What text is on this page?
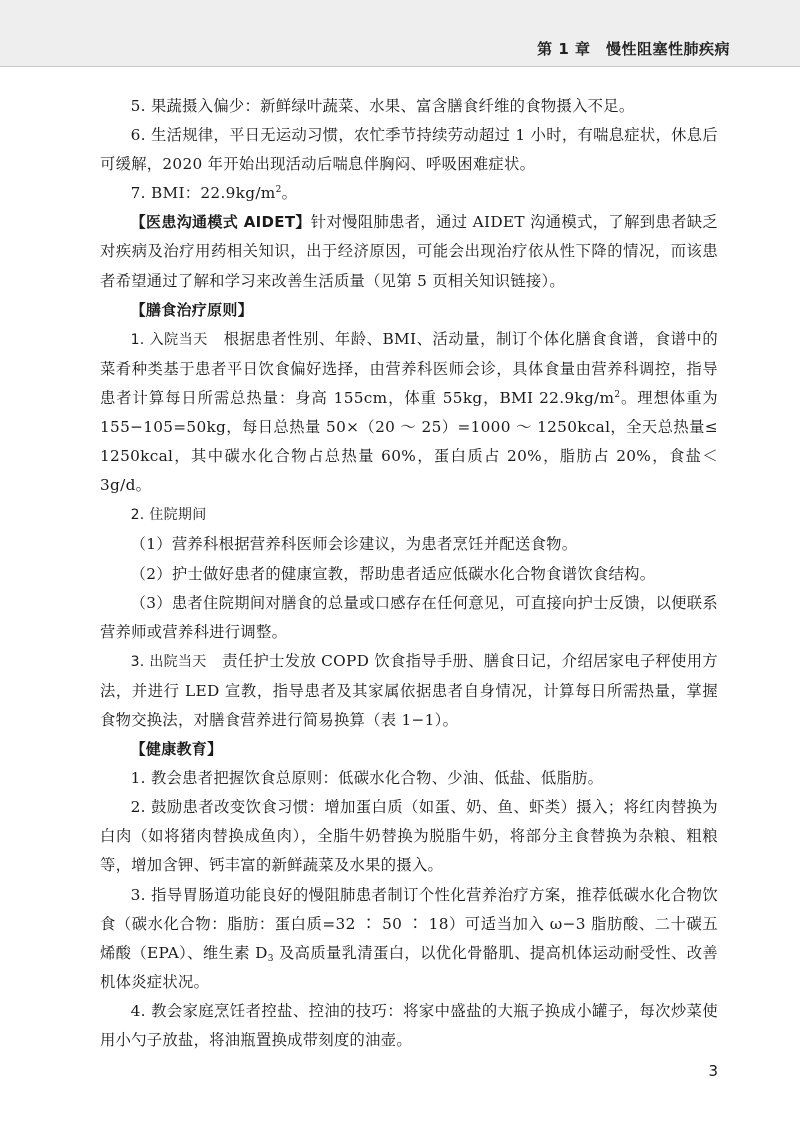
第 1 章　慢性阻塞性肺疾病

5. 果蔬摄入偏少：新鲜绿叶蔬菜、水果、富含膳食纤维的食物摄入不足。

6. 生活规律，平日无运动习惯，农忙季节持续劳动超过 1 小时，有喘息症状，休息后可缓解，2020 年开始出现活动后喘息伴胸闷、呼吸困难症状。

7. BMI：$22.9kg/m^2$。

【医患沟通模式 AIDET】针对慢阻肺患者，通过 AIDET 沟通模式，了解到患者缺乏对疾病及治疗用药相关知识，出于经济原因，可能会出现治疗依从性下降的情况，而该患者希望通过了解和学习来改善生活质量（见第 5 页相关知识链接）。

【膳食治疗原则】

1. 入院当天　根据患者性别、年龄、BMI、活动量，制订个体化膳食食谱，食谱中的菜肴种类基于患者平日饮食偏好选择，由营养科医师会诊，具体食量由营养科调控，指导患者计算每日所需总热量：身高 155cm，体重 55kg，BMI $22.9kg/m^2$。理想体重为 155−105=50kg，每日总热量 50×（20 ～ 25）=1000 ～ 1250kcal，全天总热量≤ 1250kcal，其中碳水化合物占总热量 60%，蛋白质占 20%，脂肪占 20%，食盐＜ 3g/d。

2. 住院期间

（1）营养科根据营养科医师会诊建议，为患者烹饪并配送食物。

（2）护士做好患者的健康宣教，帮助患者适应低碳水化合物食谱饮食结构。

（3）患者住院期间对膳食的总量或口感存在任何意见，可直接向护士反馈，以便联系营养师或营养科进行调整。

3. 出院当天　责任护士发放 COPD 饮食指导手册、膳食日记，介绍居家电子秤使用方法，并进行 LED 宣教，指导患者及其家属依据患者自身情况，计算每日所需热量，掌握食物交换法，对膳食营养进行简易换算（表 1−1）。

【健康教育】

1. 教会患者把握饮食总原则：低碳水化合物、少油、低盐、低脂肪。

2. 鼓励患者改变饮食习惯：增加蛋白质（如蛋、奶、鱼、虾类）摄入；将红肉替换为白肉（如将猪肉替换成鱼肉），全脂牛奶替换为脱脂牛奶，将部分主食替换为杂粮、粗粮等，增加含钾、钙丰富的新鲜蔬菜及水果的摄入。

3. 指导胃肠道功能良好的慢阻肺患者制订个性化营养治疗方案，推荐低碳水化合物饮食（碳水化合物：脂肪：蛋白质=32 ∶ 50 ∶ 18）可适当加入 ω−3 脂肪酸、二十碳五烯酸（EPA）、维生素 $D_3$ 及高质量乳清蛋白，以优化骨骼肌、提高机体运动耐受性、改善机体炎症状况。

4. 教会家庭烹饪者控盐、控油的技巧：将家中盛盐的大瓶子换成小罐子，每次炒菜使用小勺子放盐，将油瓶置换成带刻度的油壶。

3
